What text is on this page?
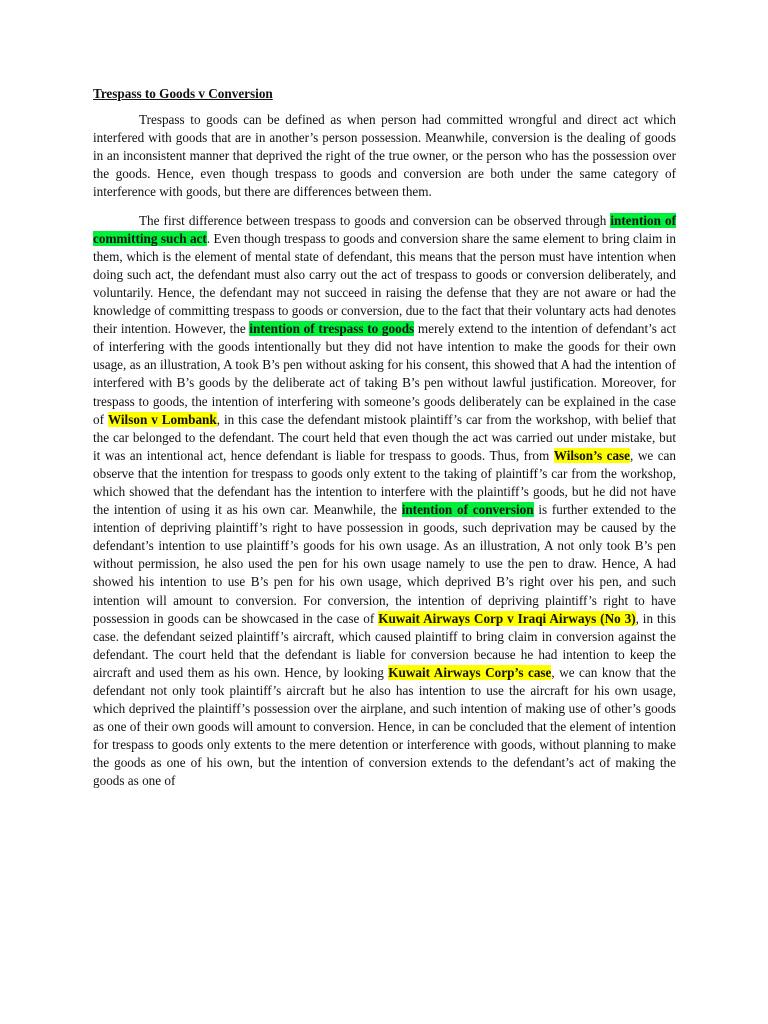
Trespass to Goods v Conversion

Trespass to goods can be defined as when person had committed wrongful and direct act which interfered with goods that are in another’s person possession. Meanwhile, conversion is the dealing of goods in an inconsistent manner that deprived the right of the true owner, or the person who has the possession over the goods. Hence, even though trespass to goods and conversion are both under the same category of interference with goods, but there are differences between them.

The first difference between trespass to goods and conversion can be observed through intention of committing such act. Even though trespass to goods and conversion share the same element to bring claim in them, which is the element of mental state of defendant, this means that the person must have intention when doing such act, the defendant must also carry out the act of trespass to goods or conversion deliberately, and voluntarily. Hence, the defendant may not succeed in raising the defense that they are not aware or had the knowledge of committing trespass to goods or conversion, due to the fact that their voluntary acts had denotes their intention. However, the intention of trespass to goods merely extend to the intention of defendant’s act of interfering with the goods intentionally but they did not have intention to make the goods for their own usage, as an illustration, A took B’s pen without asking for his consent, this showed that A had the intention of interfered with B’s goods by the deliberate act of taking B’s pen without lawful justification. Moreover, for trespass to goods, the intention of interfering with someone’s goods deliberately can be explained in the case of Wilson v Lombank, in this case the defendant mistook plaintiff’s car from the workshop, with belief that the car belonged to the defendant. The court held that even though the act was carried out under mistake, but it was an intentional act, hence defendant is liable for trespass to goods. Thus, from Wilson’s case, we can observe that the intention for trespass to goods only extent to the taking of plaintiff’s car from the workshop, which showed that the defendant has the intention to interfere with the plaintiff’s goods, but he did not have the intention of using it as his own car. Meanwhile, the intention of conversion is further extended to the intention of depriving plaintiff’s right to have possession in goods, such deprivation may be caused by the defendant’s intention to use plaintiff’s goods for his own usage. As an illustration, A not only took B’s pen without permission, he also used the pen for his own usage namely to use the pen to draw. Hence, A had showed his intention to use B’s pen for his own usage, which deprived B’s right over his pen, and such intention will amount to conversion. For conversion, the intention of depriving plaintiff’s right to have possession in goods can be showcased in the case of Kuwait Airways Corp v Iraqi Airways (No 3), in this case. the defendant seized plaintiff’s aircraft, which caused plaintiff to bring claim in conversion against the defendant. The court held that the defendant is liable for conversion because he had intention to keep the aircraft and used them as his own. Hence, by looking Kuwait Airways Corp’s case, we can know that the defendant not only took plaintiff’s aircraft but he also has intention to use the aircraft for his own usage, which deprived the plaintiff’s possession over the airplane, and such intention of making use of other’s goods as one of their own goods will amount to conversion. Hence, in can be concluded that the element of intention for trespass to goods only extents to the mere detention or interference with goods, without planning to make the goods as one of his own, but the intention of conversion extends to the defendant’s act of making the goods as one of
